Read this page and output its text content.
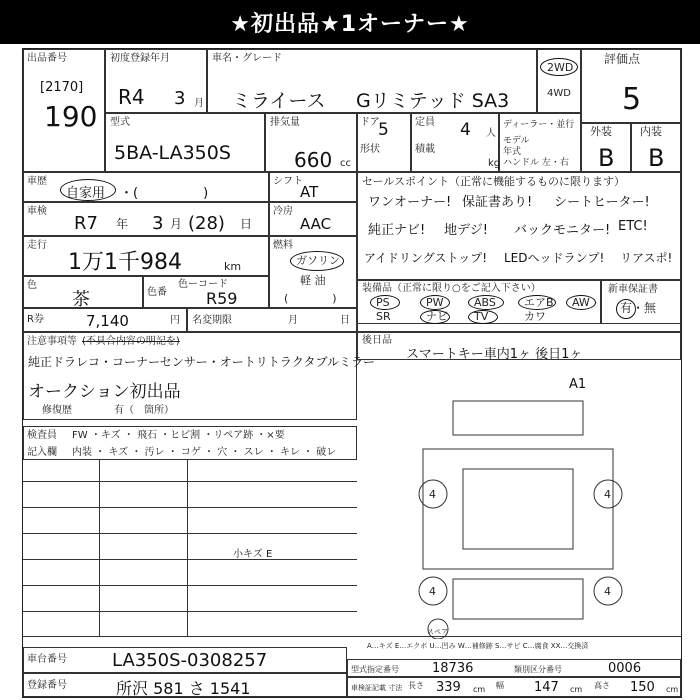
★初出品★1オーナー★
出品番号
[2170]
190
初度登録年月
R4 3 月
車名・グレード
ミライース Gリミテッド SA3
2WD
4WD
評価点
5
型式
5BA-LA350S
排気量
660 cc
ドア
5
形状
定員 4 人
積載
kg
ディーラー・並行
モデル 年式
ハンドル 左・右
外装
B
内装
B
車歴
自家用 ・(　　　　　)
シフト
AT
車検
R7 年 3 月 (28) 日
冷房
AAC
走行
1万1千984	km
燃料
ガソリン
軽 油
(　　　　)
色
茶	色番
色ーコード
R59
セールスポイント（正常に機能するものに限ります）
ワンオーナー! 保証書あり! シートヒーター!
純正ナビ! 地デジ! バックモニター! ETC!
アイドリングストップ! LEDヘッドランプ! リアスポ!
装備品（正常に限り○をご記入下さい）
PS	PW	ABS	エアB AW
SR	ナビ TV	カワ
新車保証書
有・無
R券	7,140	円 名変期限	月	日
注意事項等 (不具合内容の明記を)
純正ドラレコ・コーナーセンサー・オートリトラクタブルミラー
オークション初出品
修復歴	有（　箇所）
後日品
スマートキー車内1ヶ 後日1ヶ
検査員 FW ・キズ ・ 飛石 ・ヒビ割 ・リペア跡 ・×要
記入欄 内装 ・ キズ ・ 汚レ ・ コゲ ・ 穴 ・ スレ ・ キレ ・ 破レ
A1
4	4
4	4
小キズ E
スペア
A…キズ E…エクボ U…凹み W…補修跡 S…サビ C…腐食 XX…交換済
車台番号	LA350S-0308257
登録番号	所沢 581 さ 1541
型式指定番号	18736	類別区分番号	0006
車検証記載 寸法 長さ 339 cm 幅 147 cm 高さ 150 cm
